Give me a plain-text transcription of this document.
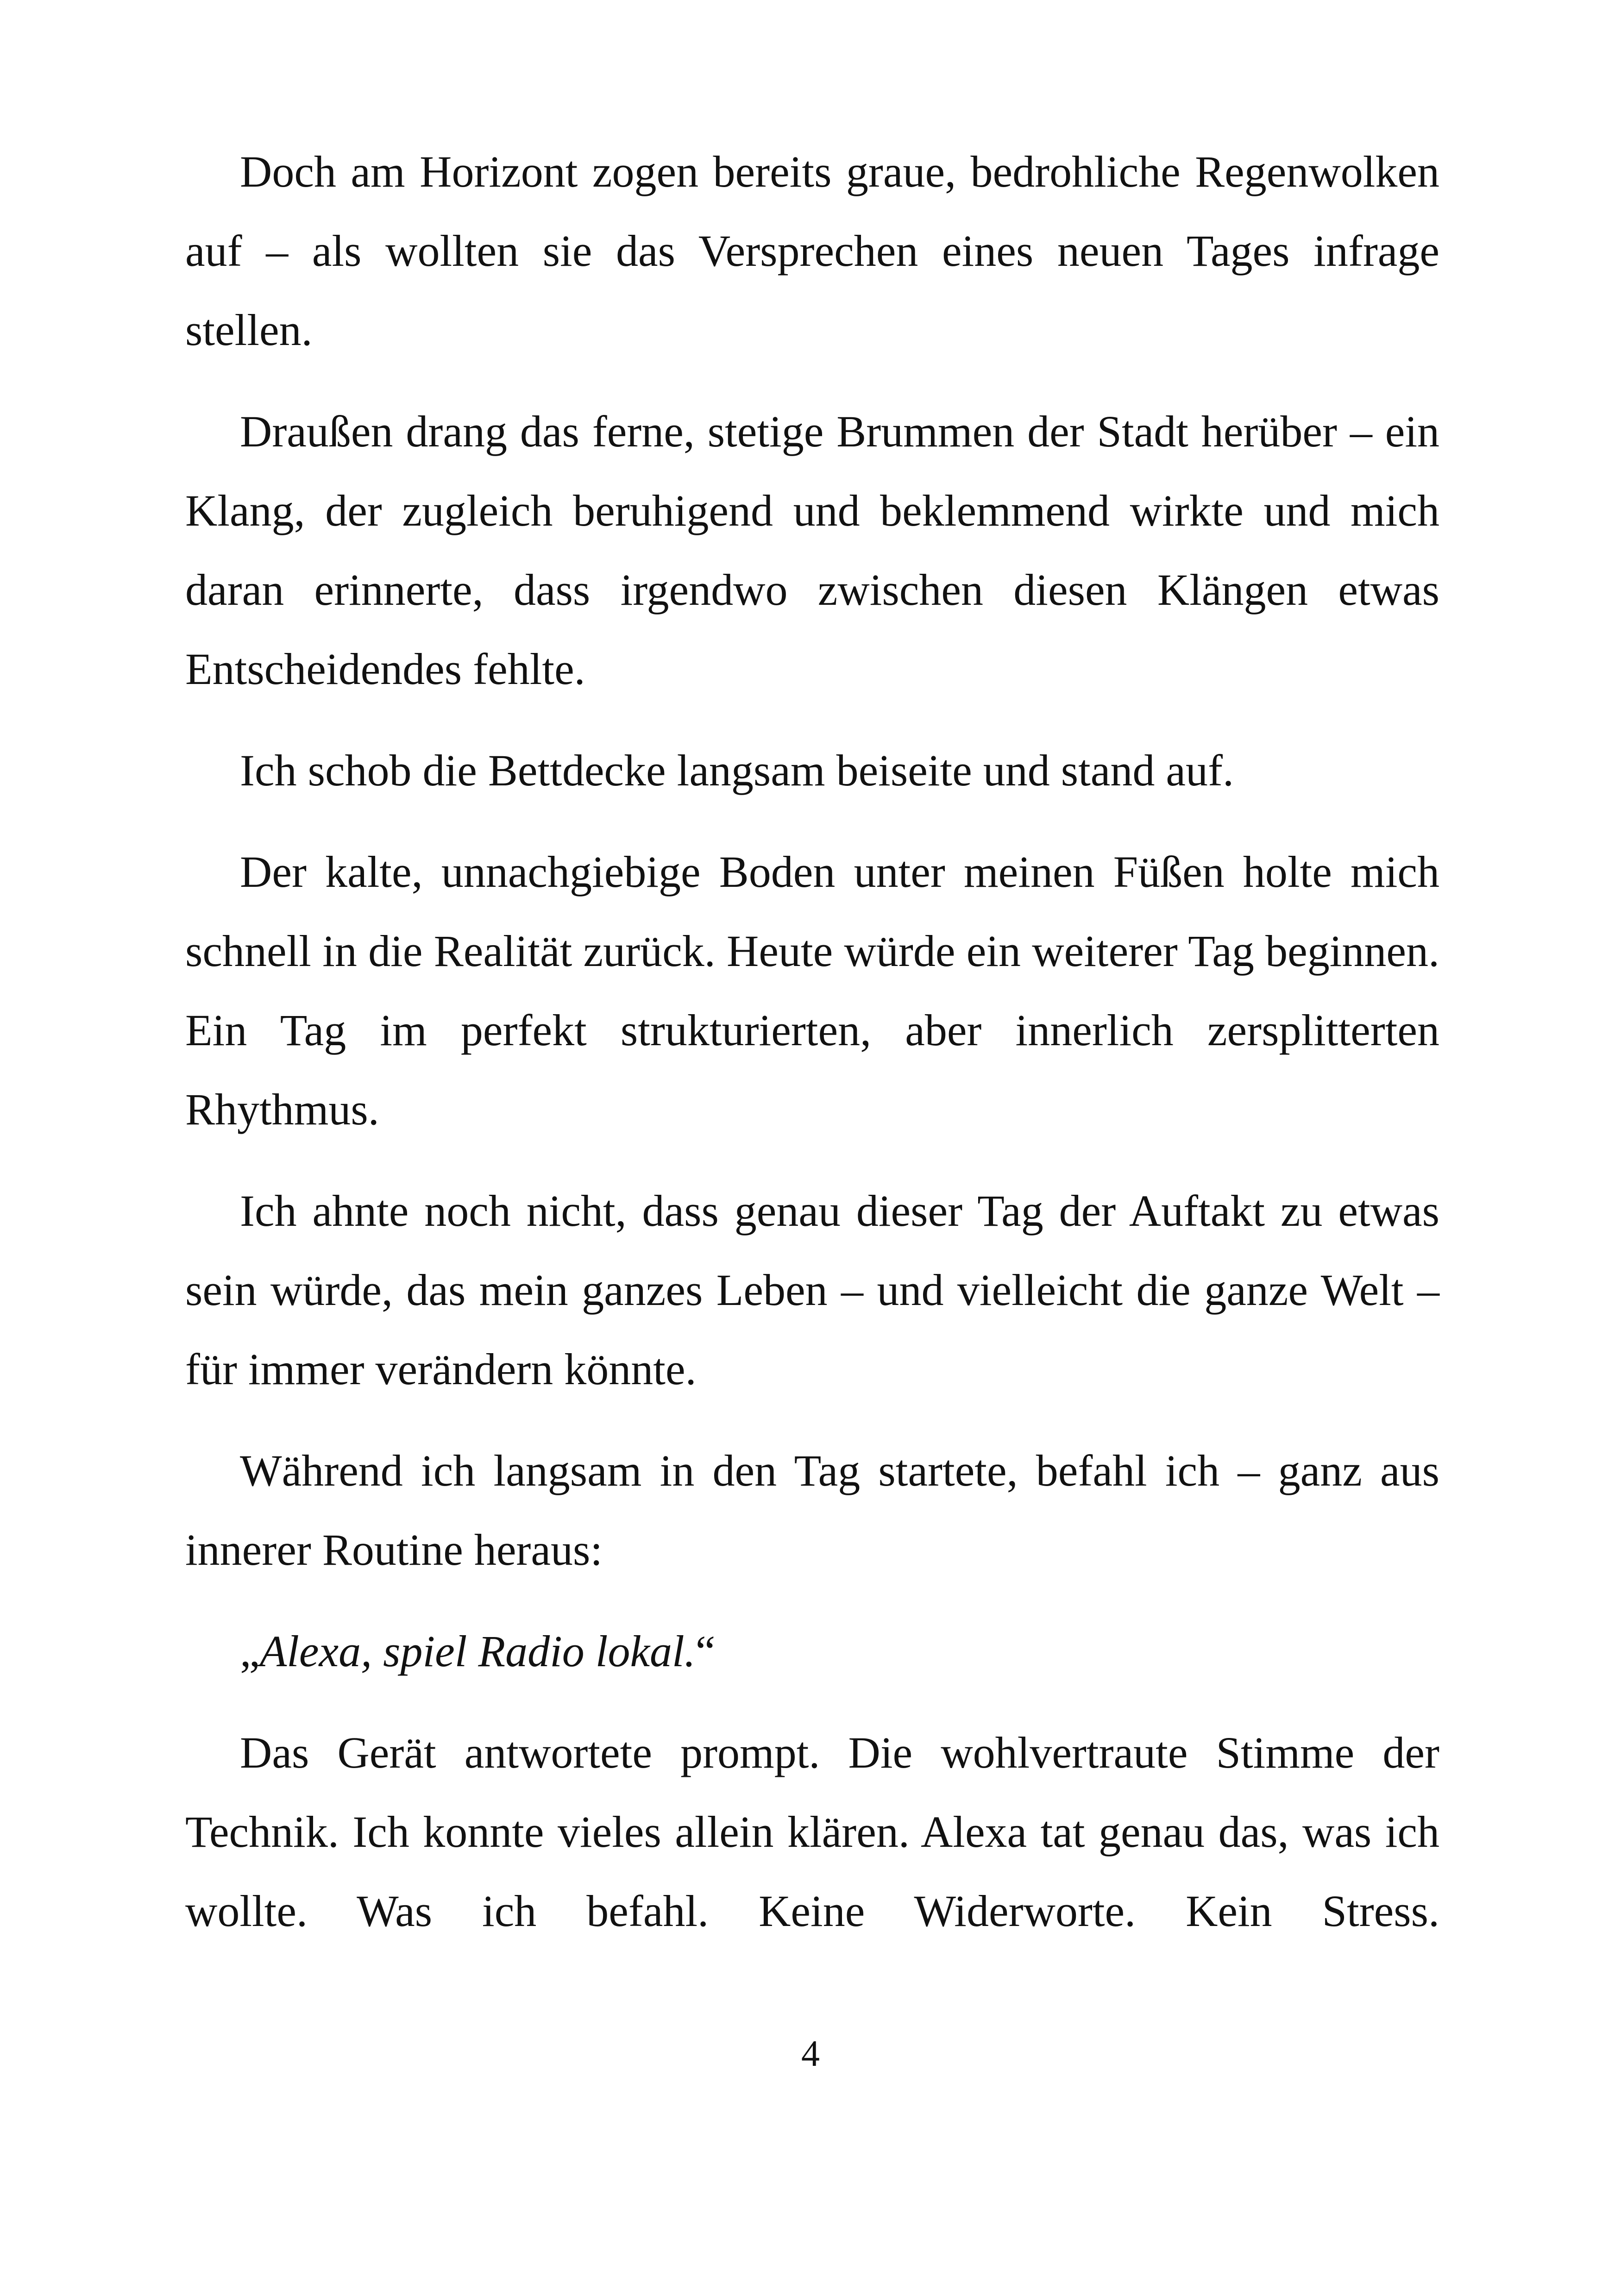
Doch am Horizont zogen bereits graue, bedrohliche Regenwolken auf – als wollten sie das Versprechen eines neuen Tages infrage stellen.

Draußen drang das ferne, stetige Brummen der Stadt herüber – ein Klang, der zugleich beruhigend und beklemmend wirkte und mich daran erinnerte, dass irgendwo zwischen diesen Klängen etwas Entscheidendes fehlte.

Ich schob die Bettdecke langsam beiseite und stand auf.

Der kalte, unnachgiebige Boden unter meinen Füßen holte mich schnell in die Realität zurück. Heute würde ein weiterer Tag beginnen. Ein Tag im perfekt strukturierten, aber innerlich zersplitterten Rhythmus.

Ich ahnte noch nicht, dass genau dieser Tag der Auftakt zu etwas sein würde, das mein ganzes Leben – und vielleicht die ganze Welt – für immer verändern könnte.

Während ich langsam in den Tag startete, befahl ich – ganz aus innerer Routine heraus:

„Alexa, spiel Radio lokal.“

Das Gerät antwortete prompt. Die wohlvertraute Stimme der Technik. Ich konnte vieles allein klären. Alexa tat genau das, was ich wollte. Was ich befahl. Keine Widerworte. Kein Stress.

4
